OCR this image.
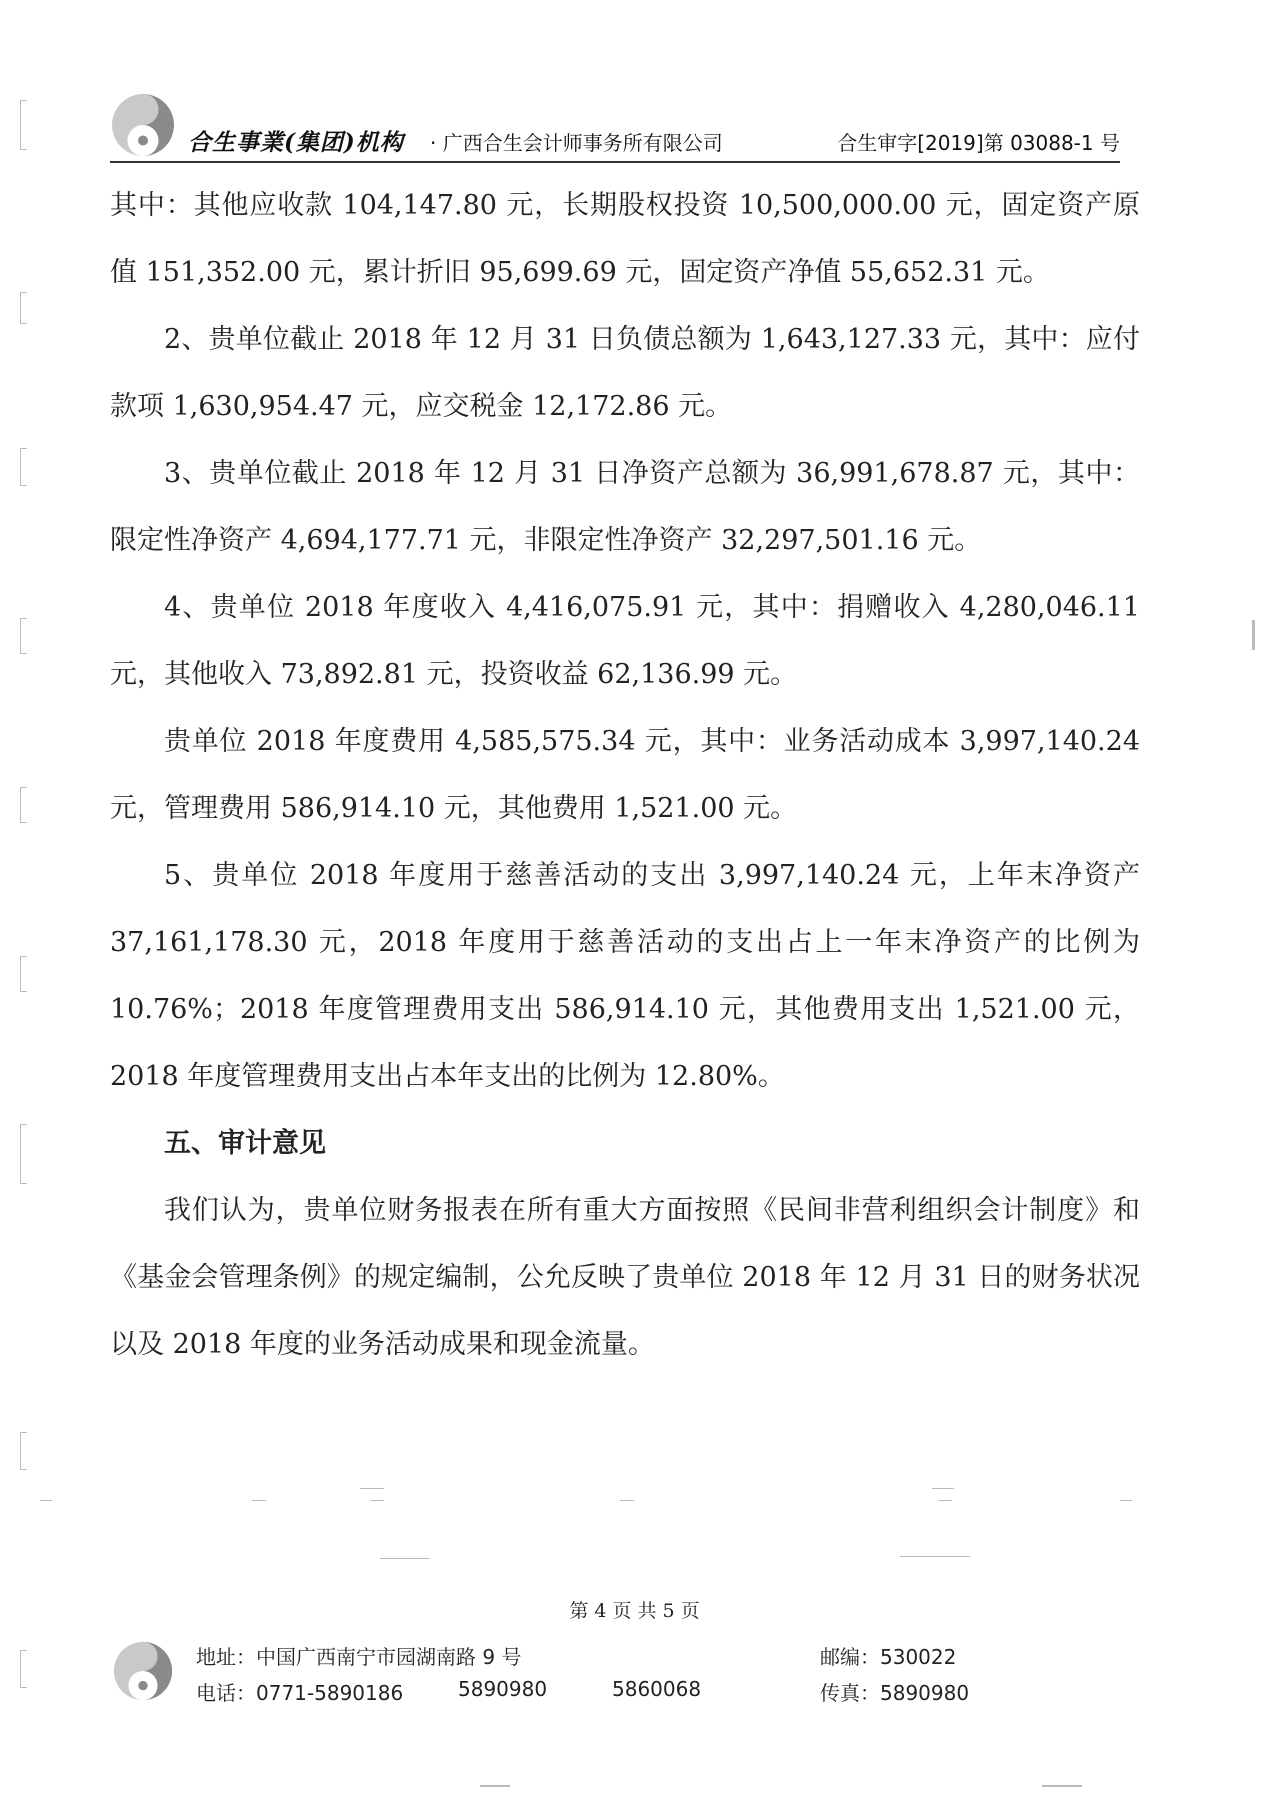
合生事業(集团)机构 · 广西合生会计师事务所有限公司	合生审字[2019]第 03088-1 号

其中：其他应收款 104,147.80 元，长期股权投资 10,500,000.00 元，固定资产原值 151,352.00 元，累计折旧 95,699.69 元，固定资产净值 55,652.31 元。

2、贵单位截止 2018 年 12 月 31 日负债总额为 1,643,127.33 元，其中：应付款项 1,630,954.47 元，应交税金 12,172.86 元。

3、贵单位截止 2018 年 12 月 31 日净资产总额为 36,991,678.87 元，其中：限定性净资产 4,694,177.71 元，非限定性净资产 32,297,501.16 元。

4、贵单位 2018 年度收入 4,416,075.91 元，其中：捐赠收入 4,280,046.11 元，其他收入 73,892.81 元，投资收益 62,136.99 元。

贵单位 2018 年度费用 4,585,575.34 元，其中：业务活动成本 3,997,140.24 元，管理费用 586,914.10 元，其他费用 1,521.00 元。

5、贵单位 2018 年度用于慈善活动的支出 3,997,140.24 元，上年末净资产 37,161,178.30 元，2018 年度用于慈善活动的支出占上一年末净资产的比例为 10.76%；2018 年度管理费用支出 586,914.10 元，其他费用支出 1,521.00 元，2018 年度管理费用支出占本年支出的比例为 12.80%。

五、审计意见

我们认为，贵单位财务报表在所有重大方面按照《民间非营利组织会计制度》和《基金会管理条例》的规定编制，公允反映了贵单位 2018 年 12 月 31 日的财务状况以及 2018 年度的业务活动成果和现金流量。

第 4 页 共 5 页
地址：中国广西南宁市园湖南路 9 号
电话：0771-5890186	5890980	5860068
邮编：530022
传真：5890980
